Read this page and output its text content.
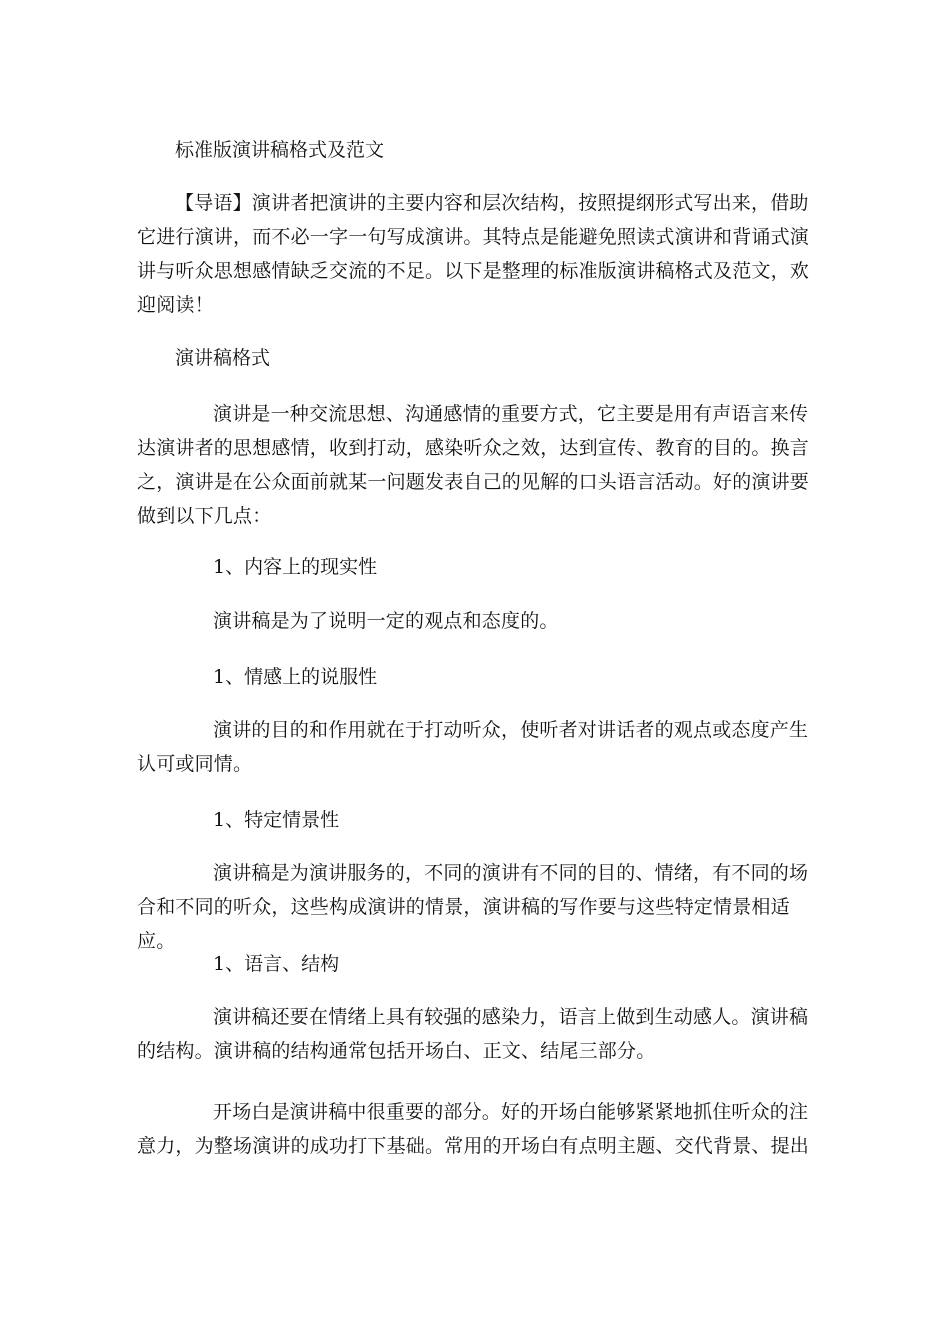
标准版演讲稿格式及范文
【导语】演讲者把演讲的主要内容和层次结构，按照提纲形式写出来，借助它进行演讲，而不必一字一句写成演讲。其特点是能避免照读式演讲和背诵式演讲与听众思想感情缺乏交流的不足。以下是整理的标准版演讲稿格式及范文，欢迎阅读！
演讲稿格式
演讲是一种交流思想、沟通感情的重要方式，它主要是用有声语言来传达演讲者的思想感情，收到打动，感染听众之效，达到宣传、教育的目的。换言之，演讲是在公众面前就某一问题发表自己的见解的口头语言活动。好的演讲要做到以下几点：
1、内容上的现实性
演讲稿是为了说明一定的观点和态度的。
1、情感上的说服性
演讲的目的和作用就在于打动听众，使听者对讲话者的观点或态度产生认可或同情。
1、特定情景性
演讲稿是为演讲服务的，不同的演讲有不同的目的、情绪，有不同的场合和不同的听众，这些构成演讲的情景，演讲稿的写作要与这些特定情景相适应。
1、语言、结构
演讲稿还要在情绪上具有较强的感染力，语言上做到生动感人。演讲稿的结构。演讲稿的结构通常包括开场白、正文、结尾三部分。
开场白是演讲稿中很重要的部分。好的开场白能够紧紧地抓住听众的注意力，为整场演讲的成功打下基础。常用的开场白有点明主题、交代背景、提出
